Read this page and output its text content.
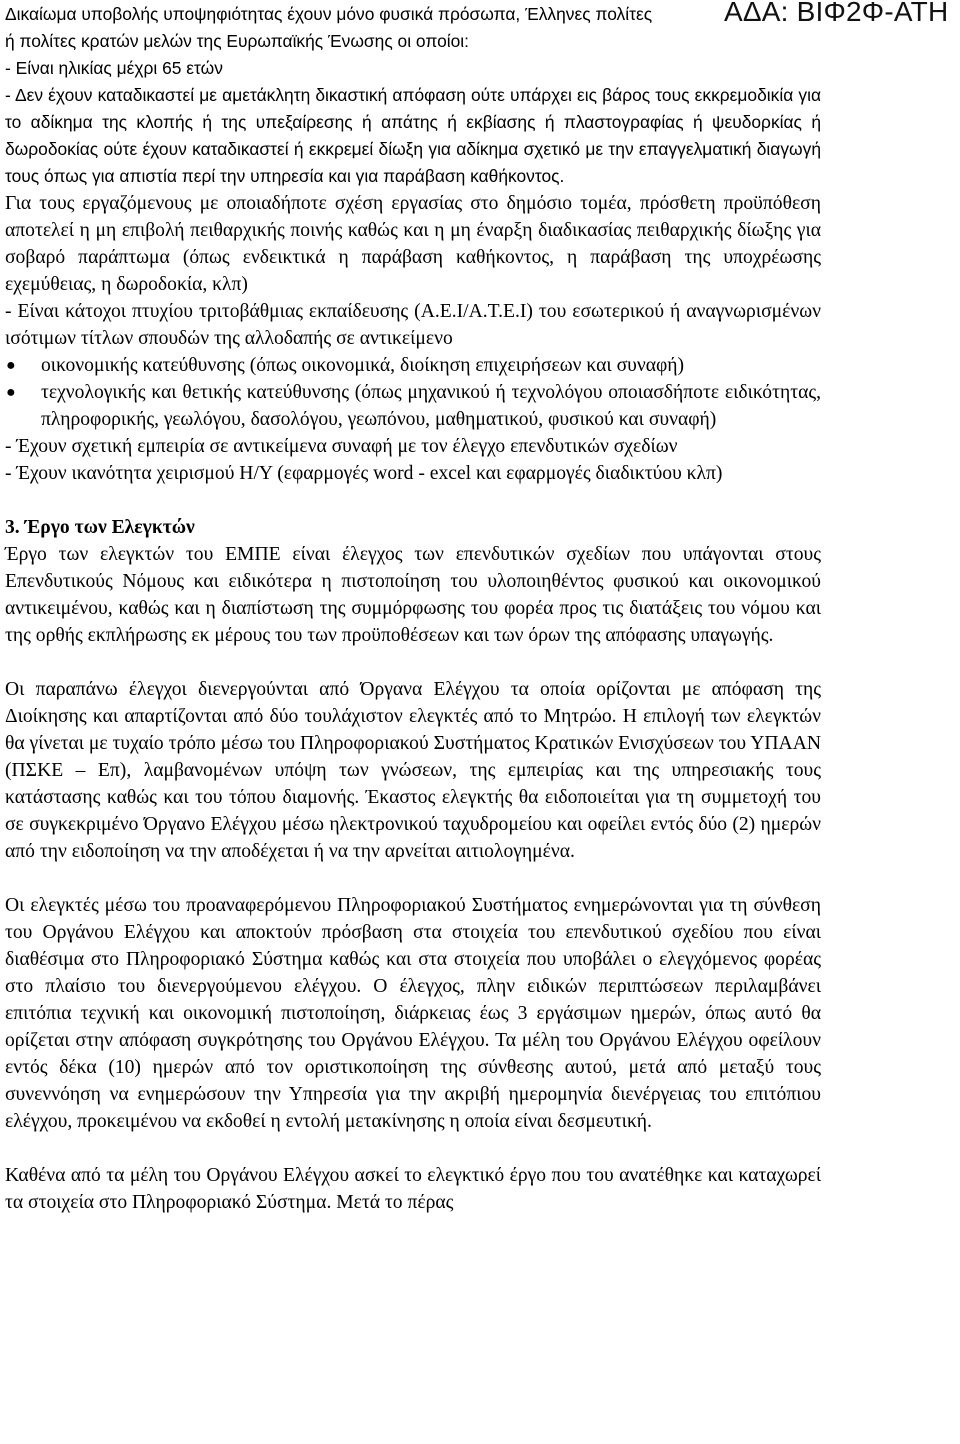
Δικαίωμα υποβολής υποψηφιότητας έχουν μόνο φυσικά πρόσωπα, Έλληνες πολίτες
ή πολίτες κρατών μελών της Ευρωπαϊκής Ένωσης οι οποίοι:
- Είναι ηλικίας μέχρι 65 ετών

- Δεν έχουν καταδικαστεί με αμετάκλητη δικαστική απόφαση ούτε υπάρχει εις βάρος τους εκκρεμοδικία για το αδίκημα της κλοπής ή της υπεξαίρεσης ή απάτης ή εκβίασης ή πλαστογραφίας ή ψευδορκίας ή δωροδοκίας ούτε έχουν καταδικαστεί ή εκκρεμεί δίωξη για αδίκημα σχετικό με την επαγγελματική διαγωγή τους όπως για απιστία περί την υπηρεσία και για παράβαση καθήκοντος.

Για τους εργαζόμενους με οποιαδήποτε σχέση εργασίας στο δημόσιο τομέα, πρόσθετη προϋπόθεση αποτελεί η μη επιβολή πειθαρχικής ποινής καθώς και η μη έναρξη διαδικασίας πειθαρχικής δίωξης για σοβαρό παράπτωμα (όπως ενδεικτικά η παράβαση καθήκοντος, η παράβαση της υποχρέωσης εχεμύθειας, η δωροδοκία, κλπ)

- Είναι κάτοχοι πτυχίου τριτοβάθμιας εκπαίδευσης (Α.Ε.Ι/Α.Τ.Ε.Ι) του εσωτερικού ή αναγνωρισμένων ισότιμων τίτλων σπουδών της αλλοδαπής σε αντικείμενο

● οικονομικής κατεύθυνσης (όπως οικονομικά, διοίκηση επιχειρήσεων και συναφή)
● τεχνολογικής και θετικής κατεύθυνσης (όπως μηχανικού ή τεχνολόγου οποιασδήποτε ειδικότητας, πληροφορικής, γεωλόγου, δασολόγου, γεωπόνου, μαθηματικού, φυσικού και συναφή)

- Έχουν σχετική εμπειρία σε αντικείμενα συναφή με τον έλεγχο επενδυτικών σχεδίων

- Έχουν ικανότητα χειρισμού Η/Υ (εφαρμογές word - excel και εφαρμογές διαδικτύου κλπ)

3. Έργο των Ελεγκτών

Έργο των ελεγκτών του ΕΜΠΕ είναι έλεγχος των επενδυτικών σχεδίων που υπάγονται στους Επενδυτικούς Νόμους και ειδικότερα η πιστοποίηση του υλοποιηθέντος φυσικού και οικονομικού αντικειμένου, καθώς και η διαπίστωση της συμμόρφωσης του φορέα προς τις διατάξεις του νόμου και της ορθής εκπλήρωσης εκ μέρους του των προϋποθέσεων και των όρων της απόφασης υπαγωγής.

Οι παραπάνω έλεγχοι διενεργούνται από Όργανα Ελέγχου τα οποία ορίζονται με απόφαση της Διοίκησης και απαρτίζονται από δύο τουλάχιστον ελεγκτές από το Μητρώο. Η επιλογή των ελεγκτών θα γίνεται με τυχαίο τρόπο μέσω του Πληροφοριακού Συστήματος Κρατικών Ενισχύσεων του ΥΠΑΑΝ (ΠΣΚΕ – Επ), λαμβανομένων υπόψη των γνώσεων, της εμπειρίας και της υπηρεσιακής τους κατάστασης καθώς και του τόπου διαμονής. Έκαστος ελεγκτής θα ειδοποιείται για τη συμμετοχή του σε συγκεκριμένο Όργανο Ελέγχου μέσω ηλεκτρονικού ταχυδρομείου και οφείλει εντός δύο (2) ημερών από την ειδοποίηση να την αποδέχεται ή να την αρνείται αιτιολογημένα.

Οι ελεγκτές μέσω του προαναφερόμενου Πληροφοριακού Συστήματος ενημερώνονται για τη σύνθεση του Οργάνου Ελέγχου και αποκτούν πρόσβαση στα στοιχεία του επενδυτικού σχεδίου που είναι διαθέσιμα στο Πληροφοριακό Σύστημα καθώς και στα στοιχεία που υποβάλει ο ελεγχόμενος φορέας στο πλαίσιο του διενεργούμενου ελέγχου. Ο έλεγχος, πλην ειδικών περιπτώσεων περιλαμβάνει επιτόπια τεχνική και οικονομική πιστοποίηση, διάρκειας έως 3 εργάσιμων ημερών, όπως αυτό θα ορίζεται στην απόφαση συγκρότησης του Οργάνου Ελέγχου. Τα μέλη του Οργάνου Ελέγχου οφείλουν εντός δέκα (10) ημερών από τον οριστικοποίηση της σύνθεσης αυτού, μετά από μεταξύ τους συνεννόηση να ενημερώσουν την Υπηρεσία για την ακριβή ημερομηνία διενέργειας του επιτόπιου ελέγχου, προκειμένου να εκδοθεί η εντολή μετακίνησης η οποία είναι δεσμευτική.

Καθένα από τα μέλη του Οργάνου Ελέγχου ασκεί το ελεγκτικό έργο που του ανατέθηκε και καταχωρεί τα στοιχεία στο Πληροφοριακό Σύστημα. Μετά το πέρας

ΑΔΑ: ΒΙΦ2Φ-ΑΤΗ
